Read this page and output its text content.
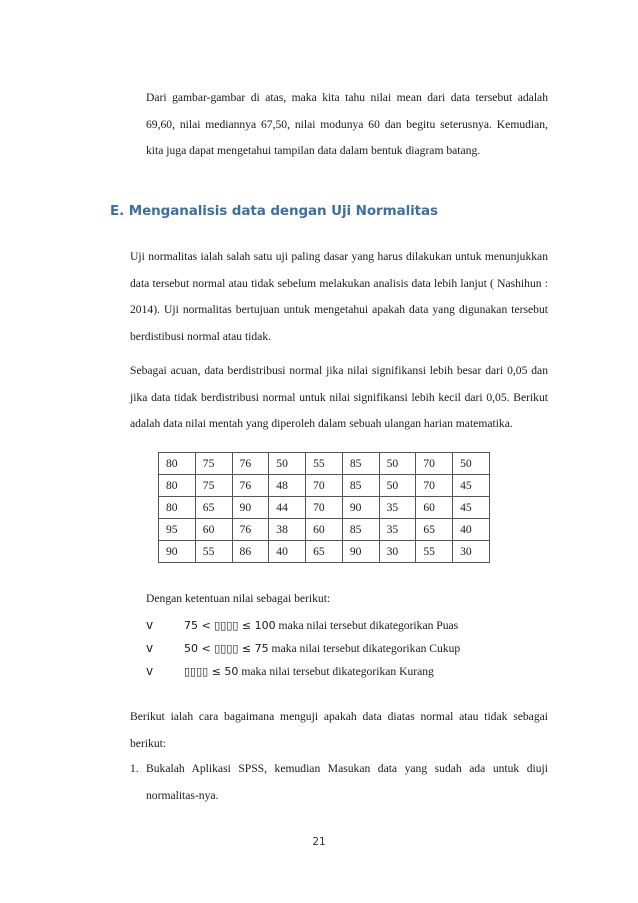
Dari gambar-gambar di atas, maka kita tahu nilai mean dari data tersebut adalah 69,60, nilai mediannya 67,50, nilai modunya 60 dan begitu seterusnya. Kemudian, kita juga dapat mengetahui tampilan data dalam bentuk diagram batang.

E. Menganalisis data dengan Uji Normalitas

Uji normalitas ialah salah satu uji paling dasar yang harus dilakukan untuk menunjukkan data tersebut normal atau tidak sebelum melakukan analisis data lebih lanjut ( Nashihun : 2014). Uji normalitas bertujuan untuk mengetahui apakah data yang digunakan tersebut berdistibusi normal atau tidak.

Sebagai acuan, data berdistribusi normal jika nilai signifikansi lebih besar dari 0,05 dan jika data tidak berdistribusi normal untuk nilai signifikansi lebih kecil dari 0,05. Berikut adalah data nilai mentah yang diperoleh dalam sebuah ulangan harian matematika.

80	75	76	50	55	85	50	70	50
80	75	76	48	70	85	50	70	45
80	65	90	44	70	90	35	60	45
95	60	76	38	60	85	35	65	40
90	55	86	40	65	90	30	55	30
Dengan ketentuan nilai sebagai berikut:
v	75 < ▯▯▯▯ ≤ 100 maka nilai tersebut dikategorikan Puas
v	50 < ▯▯▯▯ ≤ 75 maka nilai tersebut dikategorikan Cukup
v	▯▯▯▯ ≤ 50 maka nilai tersebut dikategorikan Kurang

Berikut ialah cara bagaimana menguji apakah data diatas normal atau tidak sebagai berikut:

1. Bukalah Aplikasi SPSS, kemudian Masukan data yang sudah ada untuk diuji normalitas-nya.
21
